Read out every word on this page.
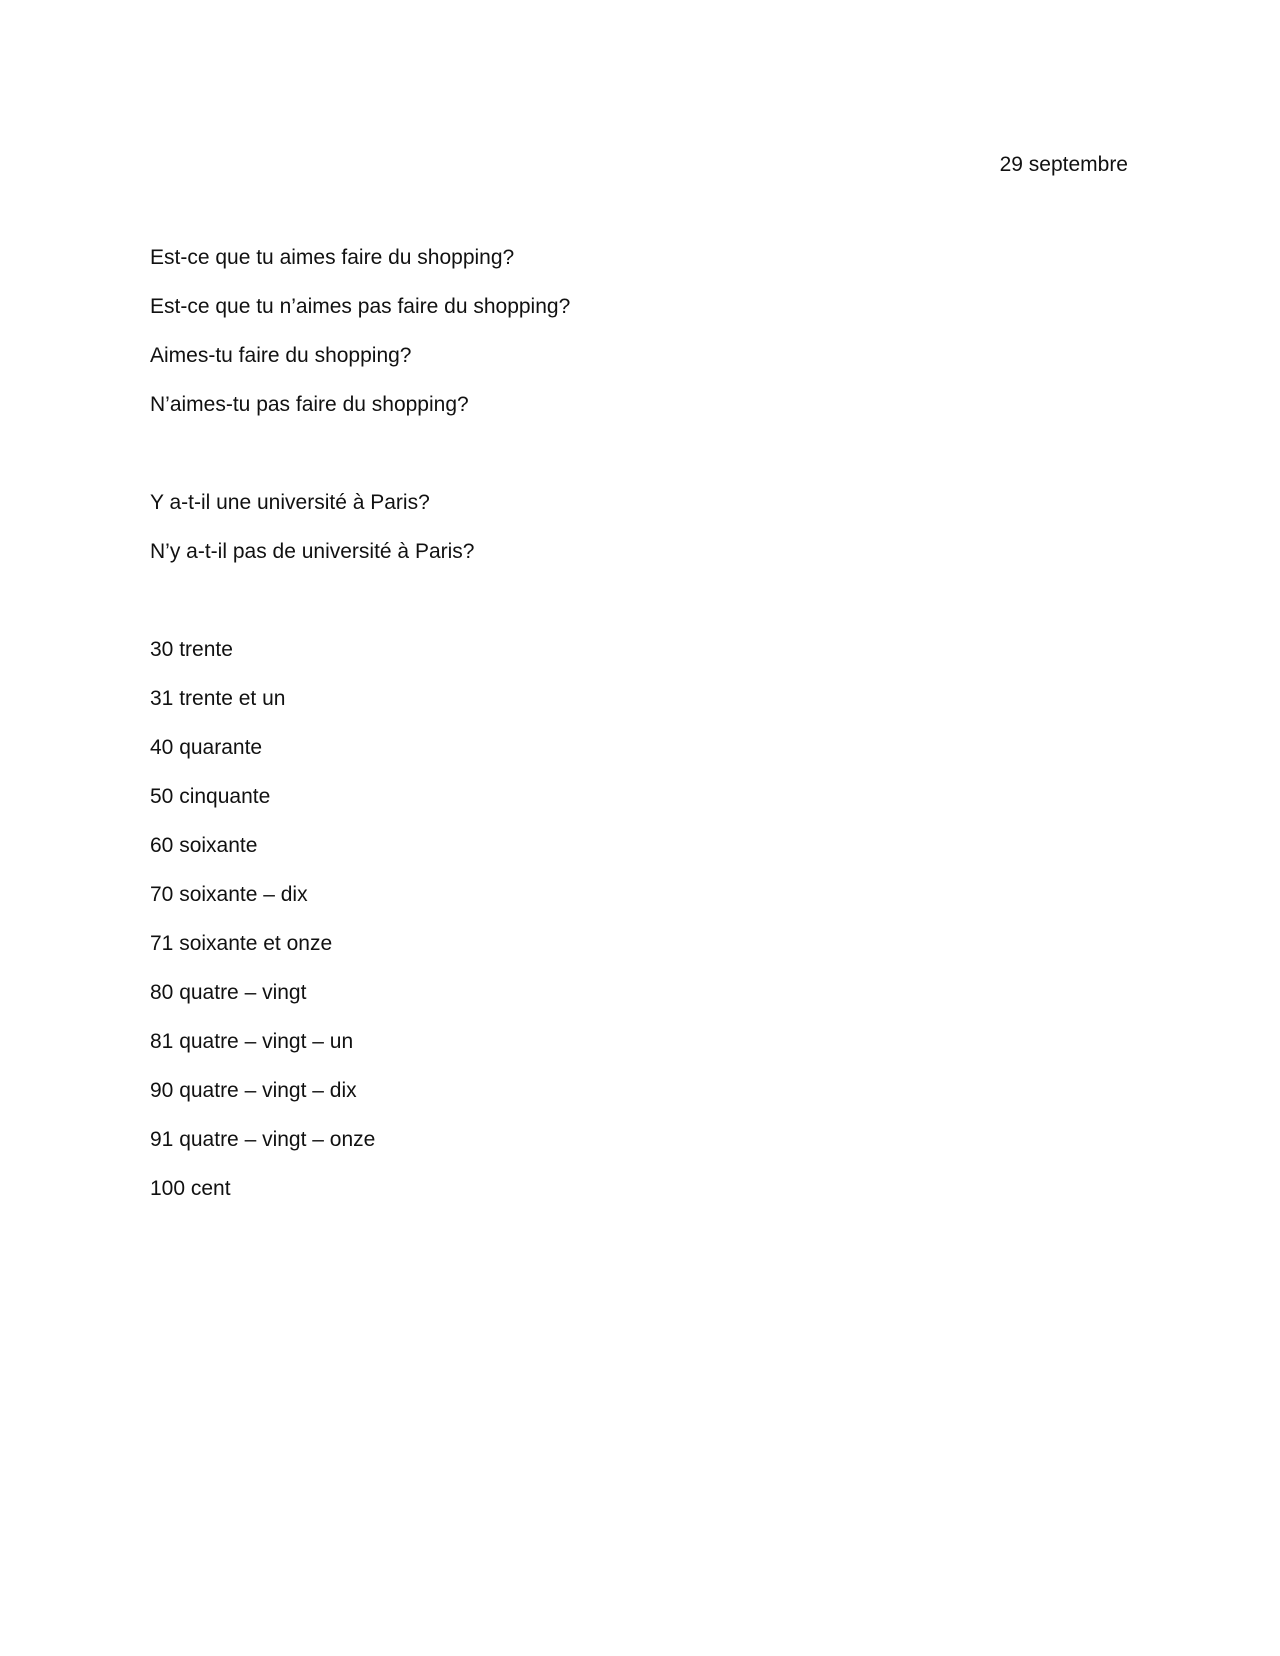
29 septembre
Est-ce que tu aimes faire du shopping?
Est-ce que tu n’aimes pas faire du shopping?
Aimes-tu faire du shopping?
N’aimes-tu pas faire du shopping?
Y a-t-il une université à Paris?
N’y a-t-il pas de université à Paris?
30 trente
31 trente et un
40 quarante
50 cinquante
60 soixante
70 soixante – dix
71 soixante et onze
80 quatre – vingt
81 quatre – vingt – un
90 quatre – vingt – dix
91 quatre – vingt – onze
100 cent
